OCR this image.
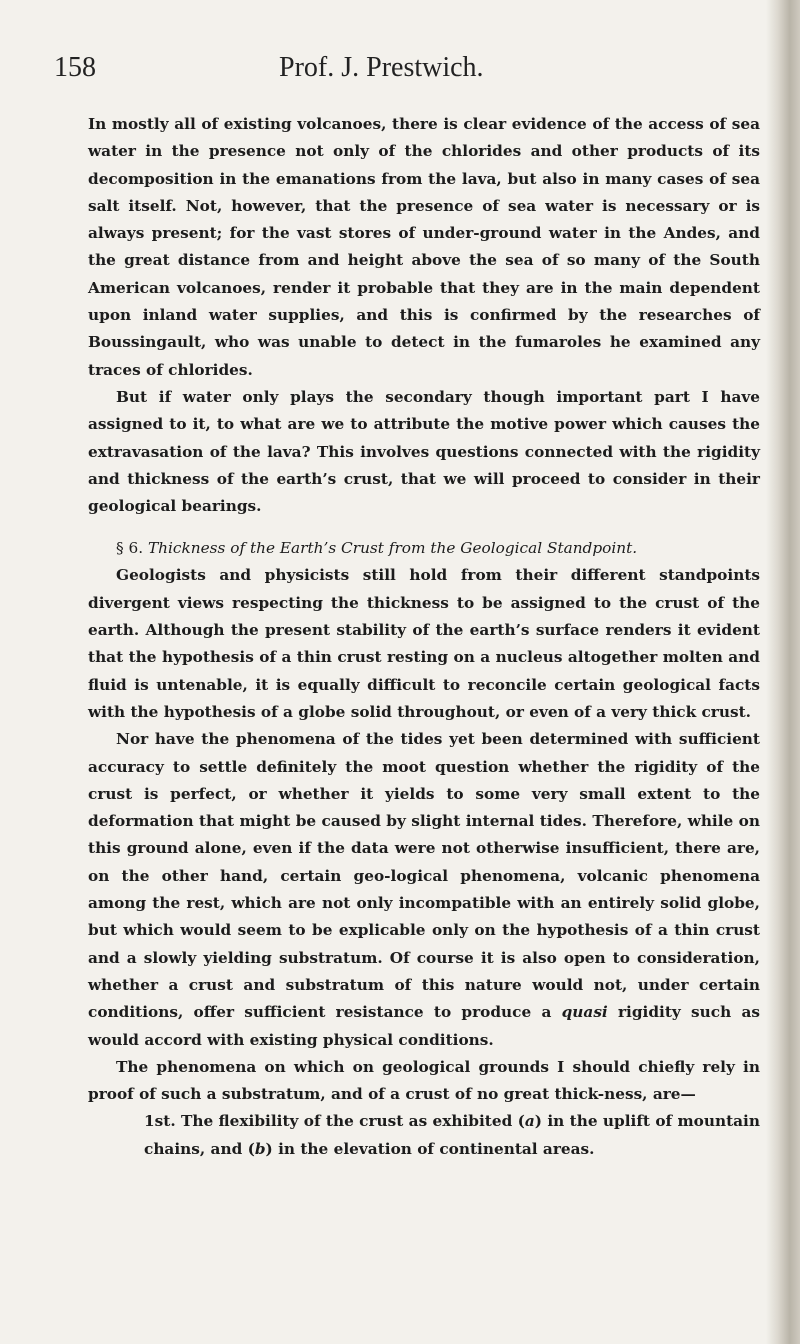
158	Prof. J. Prestwich.

In mostly all of existing volcanoes, there is clear evidence of the access of sea water in the presence not only of the chlorides and other products of its decomposition in the emanations from the lava, but also in many cases of sea salt itself. Not, however, that the presence of sea water is necessary or is always present; for the vast stores of under-ground water in the Andes, and the great distance from and height above the sea of so many of the South American volcanoes, render it probable that they are in the main dependent upon inland water supplies, and this is confirmed by the researches of Boussingault, who was unable to detect in the fumaroles he examined any traces of chlorides.

But if water only plays the secondary though important part I have assigned to it, to what are we to attribute the motive power which causes the extravasation of the lava? This involves questions connected with the rigidity and thickness of the earth’s crust, that we will proceed to consider in their geological bearings.

§ 6. Thickness of the Earth’s Crust from the Geological Standpoint.

Geologists and physicists still hold from their different standpoints divergent views respecting the thickness to be assigned to the crust of the earth. Although the present stability of the earth’s surface renders it evident that the hypothesis of a thin crust resting on a nucleus altogether molten and fluid is untenable, it is equally difficult to reconcile certain geological facts with the hypothesis of a globe solid throughout, or even of a very thick crust.

Nor have the phenomena of the tides yet been determined with sufficient accuracy to settle definitely the moot question whether the rigidity of the crust is perfect, or whether it yields to some very small extent to the deformation that might be caused by slight internal tides. Therefore, while on this ground alone, even if the data were not otherwise insufficient, there are, on the other hand, certain geo-logical phenomena, volcanic phenomena among the rest, which are not only incompatible with an entirely solid globe, but which would seem to be explicable only on the hypothesis of a thin crust and a slowly yielding substratum. Of course it is also open to consideration, whether a crust and substratum of this nature would not, under certain conditions, offer sufficient resistance to produce a quasi rigidity such as would accord with existing physical conditions.

The phenomena on which on geological grounds I should chiefly rely in proof of such a substratum, and of a crust of no great thick-ness, are—

1st. The flexibility of the crust as exhibited (a) in the uplift of mountain chains, and (b) in the elevation of continental areas.
